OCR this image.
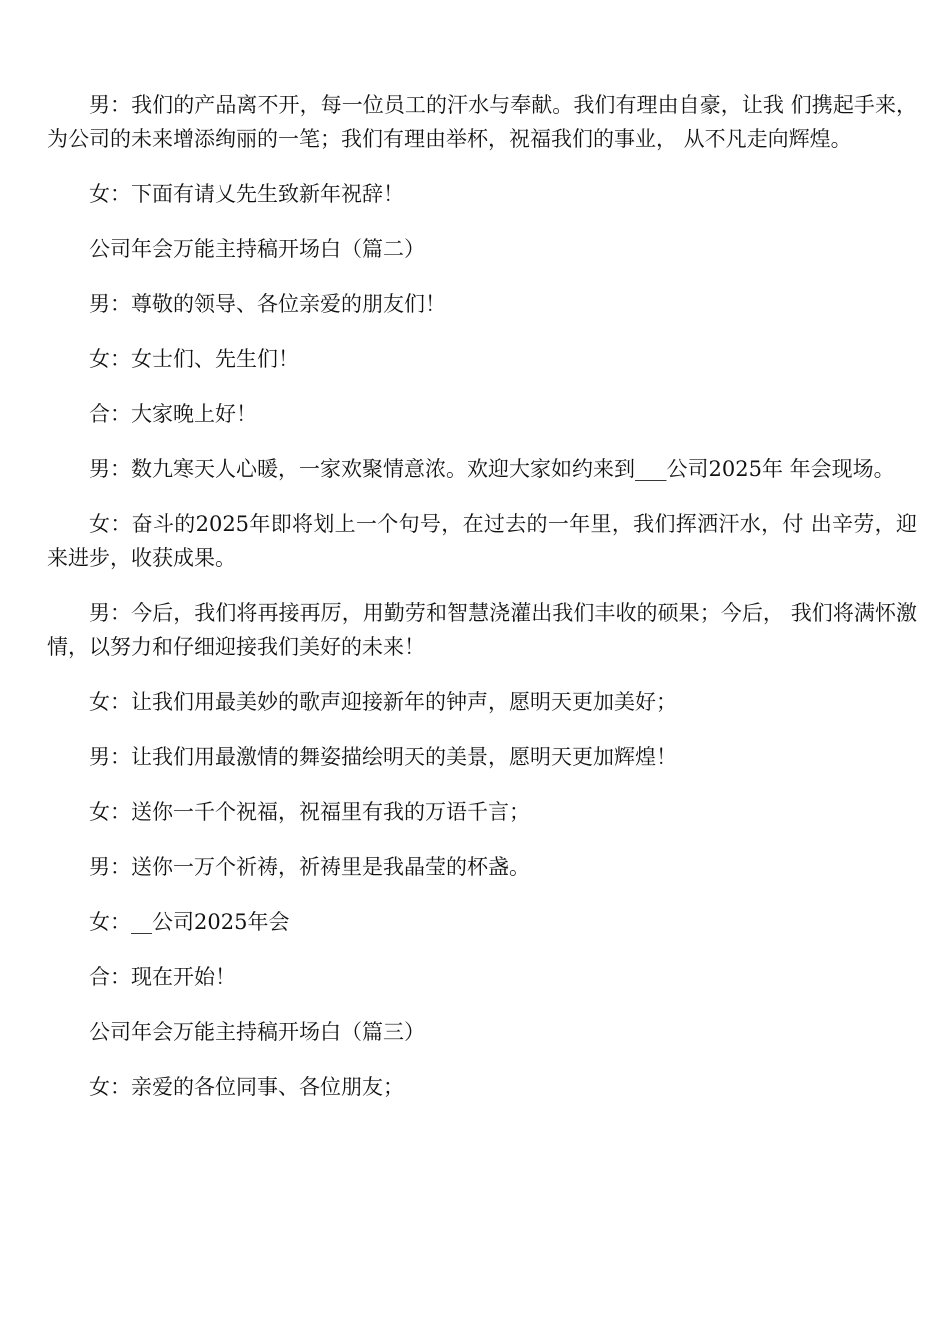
男：我们的产品离不开，每一位员工的汗水与奉献。我们有理由自豪，让我 们携起手来，为公司的未来增添绚丽的一笔；我们有理由举杯，祝福我们的事业， 从不凡走向辉煌。

女：下面有请乂先生致新年祝辞！

公司年会万能主持稿开场白（篇二）

男：尊敬的领导、各位亲爱的朋友们！

女：女士们、先生们！

合：大家晚上好！

男：数九寒天人心暖，一家欢聚情意浓。欢迎大家如约来到___公司2025年 年会现场。

女：奋斗的2025年即将划上一个句号，在过去的一年里，我们挥洒汗水，付 出辛劳，迎来进步，收获成果。

男：今后，我们将再接再厉，用勤劳和智慧浇灌出我们丰收的硕果；今后， 我们将满怀激情，以努力和仔细迎接我们美好的未来！

女：让我们用最美妙的歌声迎接新年的钟声，愿明天更加美好；

男：让我们用最激情的舞姿描绘明天的美景，愿明天更加辉煌！

女：送你一千个祝福，祝福里有我的万语千言；

男：送你一万个祈祷，祈祷里是我晶莹的杯盏。

女：__公司2025年会

合：现在开始！

公司年会万能主持稿开场白（篇三）

女：亲爱的各位同事、各位朋友；
